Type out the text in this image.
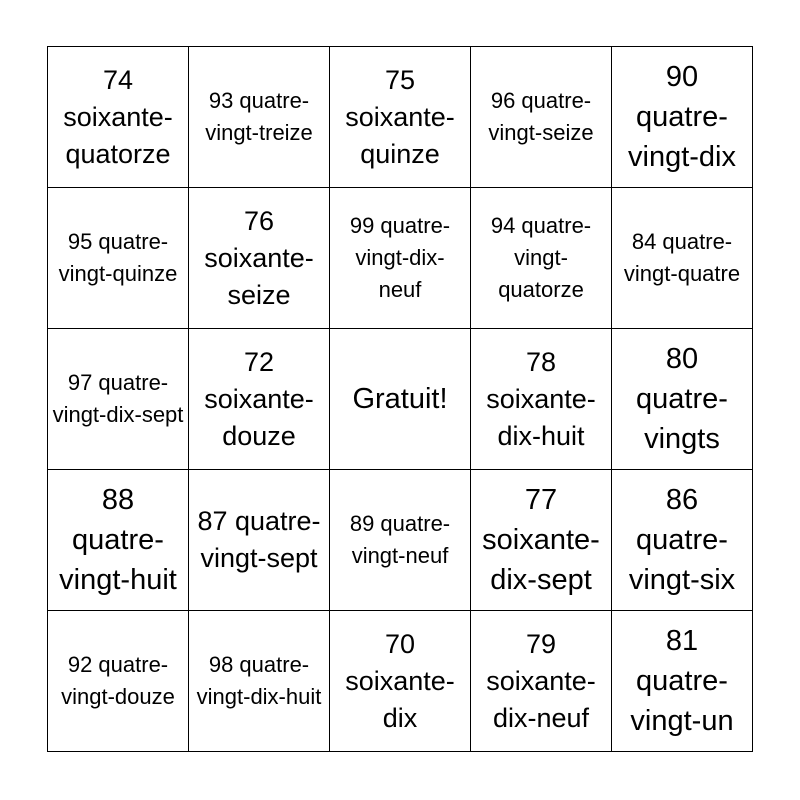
74 soixante-quatorze
93 quatre-vingt-treize
75 soixante-quinze
96 quatre-vingt-seize
90 quatre-vingt-dix
95 quatre-vingt-quinze
76 soixante-seize
99 quatre-vingt-dix-neuf
94 quatre-vingt-quatorze
84 quatre-vingt-quatre
97 quatre-vingt-dix-sept
72 soixante-douze
Gratuit!
78 soixante-dix-huit
80 quatre-vingts
88 quatre-vingt-huit
87 quatre-vingt-sept
89 quatre-vingt-neuf
77 soixante-dix-sept
86 quatre-vingt-six
92 quatre-vingt-douze
98 quatre-vingt-dix-huit
70 soixante-dix
79 soixante-dix-neuf
81 quatre-vingt-un
